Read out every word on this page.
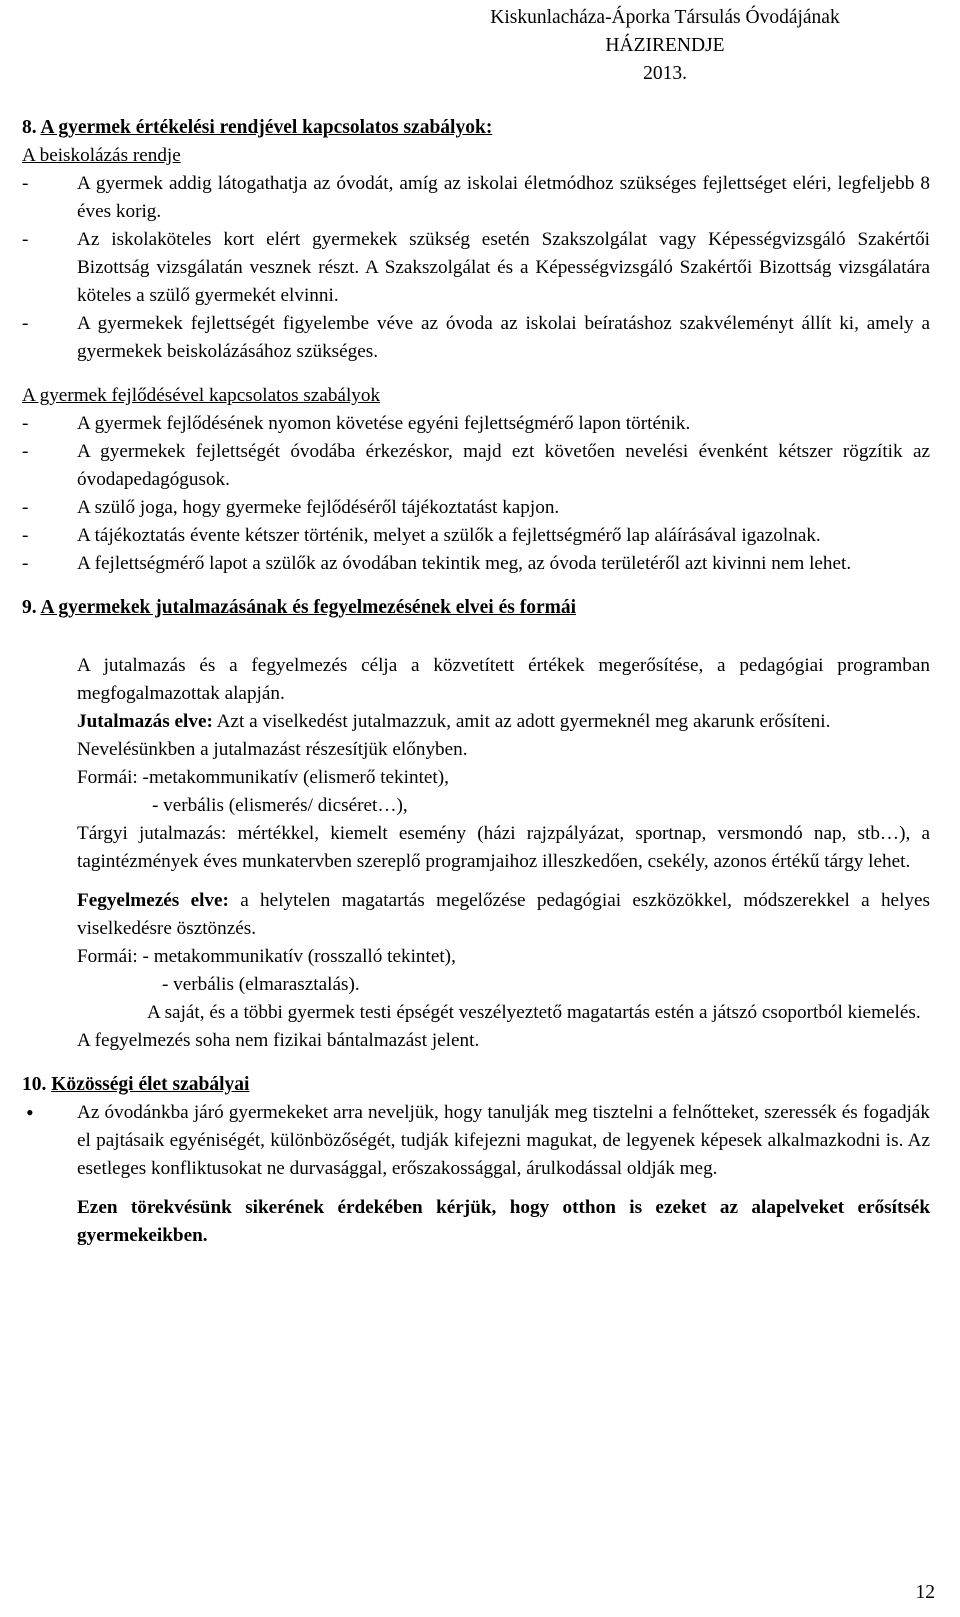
Kiskunlacháza-Áporka Társulás Óvodájának
HÁZIRENDJE
2013.
8. A gyermek értékelési rendjével kapcsolatos szabályok:

A beiskolázás rendje

-	A gyermek addig látogathatja az óvodát, amíg az iskolai életmódhoz szükséges fejlettséget eléri, legfeljebb 8 éves korig.
-	Az iskolaköteles kort elért gyermekek szükség esetén Szakszolgálat vagy Képességvizsgáló Szakértői Bizottság vizsgálatán vesznek részt. A Szakszolgálat és a Képességvizsgáló Szakértői Bizottság vizsgálatára köteles a szülő gyermekét elvinni.
-	A gyermekek fejlettségét figyelembe véve az óvoda az iskolai beíratáshoz szakvéleményt állít ki, amely a gyermekek beiskolázásához szükséges.

A gyermek fejlődésével kapcsolatos szabályok

-	A gyermek fejlődésének nyomon követése egyéni fejlettségmérő lapon történik.
-	A gyermekek fejlettségét óvodába érkezéskor, majd ezt követően nevelési évenként kétszer rögzítik az óvodapedagógusok.
-	A szülő joga, hogy gyermeke fejlődéséről tájékoztatást kapjon.
-	A tájékoztatás évente kétszer történik, melyet a szülők a fejlettségmérő lap aláírásával igazolnak.
-	A fejlettségmérő lapot a szülők az óvodában tekintik meg, az óvoda területéről azt kivinni nem lehet.
9. A gyermekek jutalmazásának és fegyelmezésének elvei és formái

A jutalmazás és a fegyelmezés célja a közvetített értékek megerősítése, a pedagógiai programban megfogalmazottak alapján.

Jutalmazás elve: Azt a viselkedést jutalmazzuk, amit az adott gyermeknél meg akarunk erősíteni.

Nevelésünkben a jutalmazást részesítjük előnyben.

Formái: -metakommunikatív (elismerő tekintet),

- verbális (elismerés/ dicséret…),

Tárgyi jutalmazás: mértékkel, kiemelt esemény (házi rajzpályázat, sportnap, versmondó nap, stb…), a tagintézmények éves munkatervben szereplő programjaihoz illeszkedően, csekély, azonos értékű tárgy lehet.

Fegyelmezés elve: a helytelen magatartás megelőzése pedagógiai eszközökkel, módszerekkel a helyes viselkedésre ösztönzés.

Formái: - metakommunikatív (rosszalló tekintet),

- verbális (elmarasztalás).

A saját, és a többi gyermek testi épségét veszélyeztető magatartás estén a játszó csoportból kiemelés.

A fegyelmezés soha nem fizikai bántalmazást jelent.

10. Közösségi élet szabályai
•	Az óvodánkba járó gyermekeket arra neveljük, hogy tanulják meg tisztelni a felnőtteket, szeressék és fogadják el pajtásaik egyéniségét, különbözőségét, tudják kifejezni magukat, de legyenek képesek alkalmazkodni is. Az esetleges konfliktusokat ne durvasággal, erőszakossággal, árulkodással oldják meg.

Ezen törekvésünk sikerének érdekében kérjük, hogy otthon is ezeket az alapelveket erősítsék gyermekeikben.

12
